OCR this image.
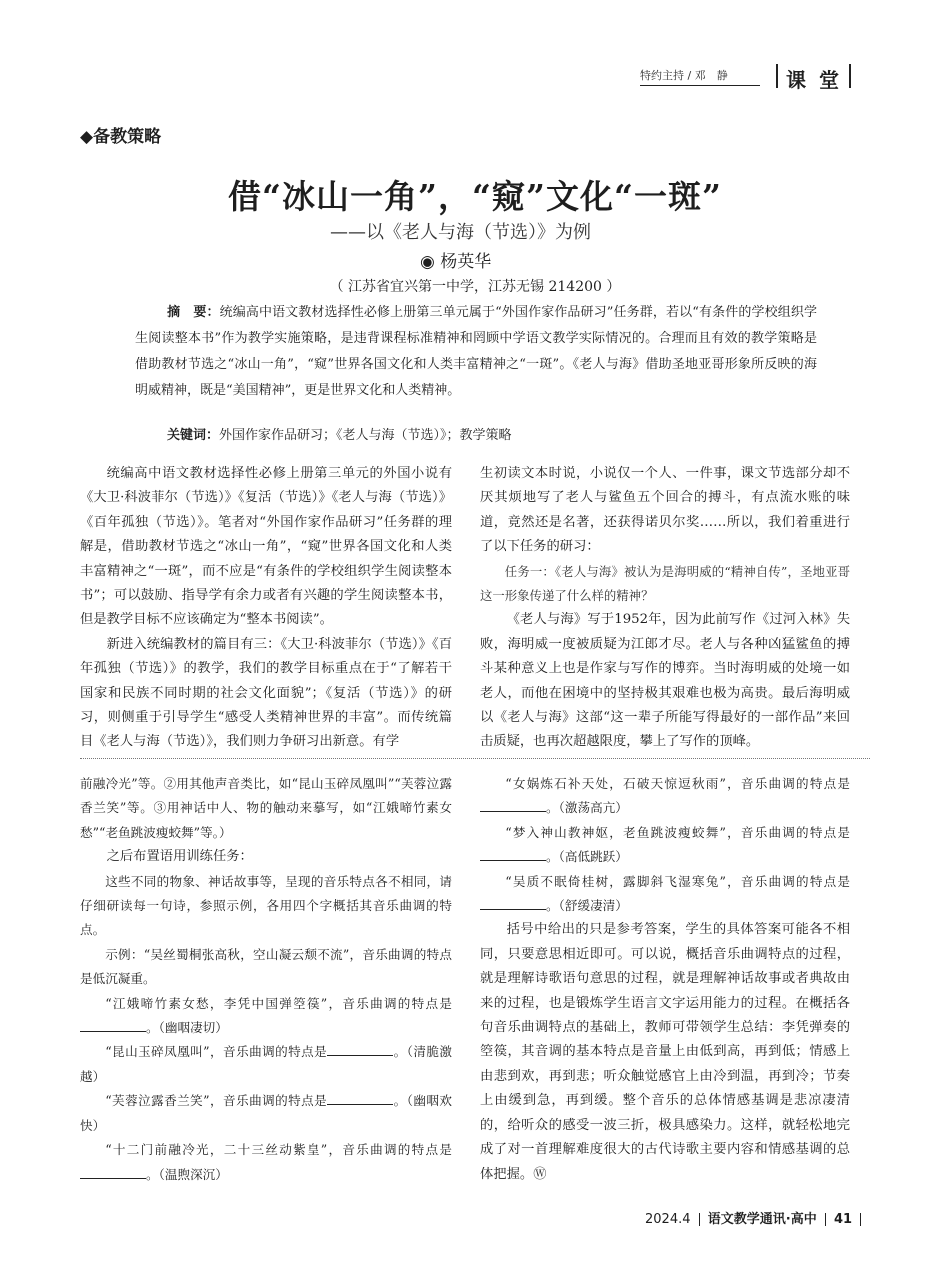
特约主持 / 邓　静	课 堂
◆备教策略
借“冰山一角”，“窥”文化“一斑”
——以《老人与海（节选）》为例
◉ 杨英华
（ 江苏省宜兴第一中学，江苏无锡 214200 ）
摘　要：统编高中语文教材选择性必修上册第三单元属于“外国作家作品研习”任务群，若以“有条件的学校组织学生阅读整本书”作为教学实施策略，是违背课程标准精神和罔顾中学语文教学实际情况的。合理而且有效的教学策略是借助教材节选之“冰山一角”，“窥”世界各国文化和人类丰富精神之“一斑”。《老人与海》借助圣地亚哥形象所反映的海明威精神，既是“美国精神”，更是世界文化和人类精神。
关键词：外国作家作品研习；《老人与海（节选）》；教学策略

统编高中语文教材选择性必修上册第三单元的外国小说有《大卫·科波菲尔（节选）》《复活（节选）》《老人与海（节选）》《百年孤独（节选）》。笔者对“外国作家作品研习”任务群的理解是，借助教材节选之“冰山一角”，“窥”世界各国文化和人类丰富精神之“一斑”，而不应是“有条件的学校组织学生阅读整本书”；可以鼓励、指导学有余力或者有兴趣的学生阅读整本书，但是教学目标不应该确定为“整本书阅读”。

新进入统编教材的篇目有三：《大卫·科波菲尔（节选）》《百年孤独（节选）》的教学，我们的教学目标重点在于“了解若干国家和民族不同时期的社会文化面貌”；《复活（节选）》的研习，则侧重于引导学生“感受人类精神世界的丰富”。而传统篇目《老人与海（节选）》，我们则力争研习出新意。有学

生初读文本时说，小说仅一个人、一件事，课文节选部分却不厌其烦地写了老人与鲨鱼五个回合的搏斗，有点流水账的味道，竟然还是名著，还获得诺贝尔奖……所以，我们着重进行了以下任务的研习：

任务一：《老人与海》被认为是海明威的“精神自传”，圣地亚哥这一形象传递了什么样的精神？

《老人与海》写于1952年，因为此前写作《过河入林》失败，海明威一度被质疑为江郎才尽。老人与各种凶猛鲨鱼的搏斗某种意义上也是作家与写作的博弈。当时海明威的处境一如老人，而他在困境中的坚持极其艰难也极为高贵。最后海明威以《老人与海》这部“这一辈子所能写得最好的一部作品”来回击质疑，也再次超越限度，攀上了写作的顶峰。

前融冷光”等。②用其他声音类比，如“昆山玉碎凤凰叫”“芙蓉泣露香兰笑”等。③用神话中人、物的触动来摹写，如“江娥啼竹素女愁”“老鱼跳波瘦蛟舞”等。）

之后布置语用训练任务：

这些不同的物象、神话故事等，呈现的音乐特点各不相同，请仔细研读每一句诗，参照示例，各用四个字概括其音乐曲调的特点。

示例：“吴丝蜀桐张高秋，空山凝云颓不流”，音乐曲调的特点是低沉凝重。

“江娥啼竹素女愁，李凭中国弹箜篌”，音乐曲调的特点是。（幽咽凄切）

“昆山玉碎凤凰叫”，音乐曲调的特点是	。（清脆激越）

“芙蓉泣露香兰笑”，音乐曲调的特点是	。（幽咽欢快）

“十二门前融冷光，二十三丝动紫皇”，音乐曲调的特点是。（温煦深沉）

“女娲炼石补天处，石破天惊逗秋雨”，音乐曲调的特点是。（激荡高亢）

“梦入神山教神妪，老鱼跳波瘦蛟舞”，音乐曲调的特点是。（高低跳跃）

“吴质不眠倚桂树，露脚斜飞湿寒兔”，音乐曲调的特点是。（舒缓凄清）

括号中给出的只是参考答案，学生的具体答案可能各不相同，只要意思相近即可。可以说，概括音乐曲调特点的过程，就是理解诗歌语句意思的过程，就是理解神话故事或者典故由来的过程，也是锻炼学生语言文字运用能力的过程。在概括各句音乐曲调特点的基础上，教师可带领学生总结：李凭弹奏的箜篌，其音调的基本特点是音量上由低到高，再到低；情感上由悲到欢，再到悲；听众触觉感官上由冷到温，再到冷；节奏上由缓到急，再到缓。整个音乐的总体情感基调是悲凉凄清的，给听众的感受一波三折，极具感染力。这样，就轻松地完成了对一首理解难度很大的古代诗歌主要内容和情感基调的总体把握。Ⓦ

2024.4 语文教学通讯·高中 41
